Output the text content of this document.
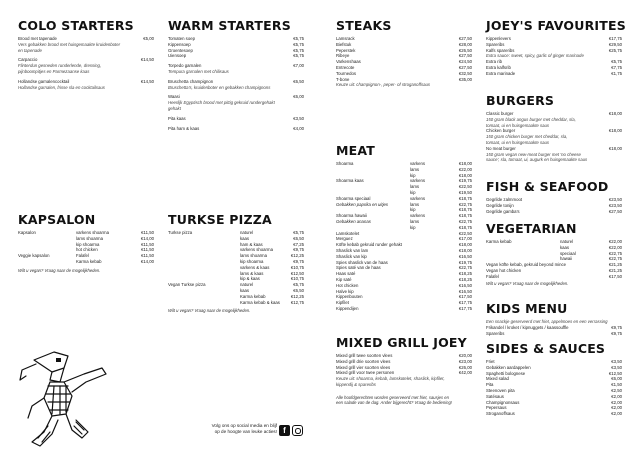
COLO STARTERS
Brood met tapenade	€5,00
Vers gebakken brood met huisgemaakte kruidenboter
en tapenade
Carpaccio	€14,50
Flinterdun gesneden runderlende, dressing,
pijnboompitjes en Parmezaanse kaas
Hollandse garnalencocktail	€14,50
Hollandse garnalen, frisse sla en cocktailsaus
KAPSALON
Kapsalon	varkens shoarma	€11,50
lams shoarma	€14,00
kip shoarma	€11,50
hot chicken	€11,50
Veggie kapsalon	Falafel	€11,50
Karma kebab	€14,00
Wilt u vegan? Vraag naar de mogelijkheden.
WARM STARTERS
Tomaten soep	€5,75
Kippensoep	€5,75
Groentesoep	€5,75
Uiensoep	€5,75
Torpedo garnalen	€7,00
Tempura garnalen met chilisaus
Bruschetta champignon	€6,50
Bruschetta's, kruidenboter en gebakken champignons
Waasi	€6,00
Heerlijk Egyptisch brood met pittig gekruid rundergehakt
gehakt
Pita kaas	€3,50
Pita ham & kaas	€4,00
TURKSE PIZZA
Turkse pizza	naturel	€5,75
kaas	€6,50
ham & kaas	€7,25
varkens shoarma	€9,75
lams shoarma	€12,25
kip shoarma	€9,75
varkens & kaas	€10,75
lams & kaas	€12,50
kip & kaas	€10,75
Vegan Turkse pizza	naturel	€5,75
kaas	€6,50
Karma kebab	€12,25
Karma kebab & kaas	€12,75
Wilt u vegan? Vraag naar de mogelijkheden.
Volg ons op social media en blijf
op de hoogte van leuke acties! f
STEAKS
Lamsrack	€27,50
Biefstuk	€28,00
Peperstek	€26,50
Ribeye	€27,50
Varkenshaas	€24,50
Entrecote	€27,50
Tournedos	€32,50
T-bone	€35,00
Keuze uit: champignon-, peper- of stroganoffsaus
MEAT
Shoarma	varkens	€18,00
lams	€22,00
kip	€18,00
Shoarma kaas	varkens	€19,75
lams	€22,50
kip	€19,50
Shoarma speciaal	varkens	€18,75
Gebakken paprika en uitjes	lams	€22,75
kip	€18,75
Shoarma hawaii	varkens	€18,75
Gebakken ananas	lams	€22,75
kip	€18,75
Lamskotelet	€22,50
Merguez	€17,00
Köfte kebab gekruid runder gehakt	€18,00
Shaslick van lam	€18,00
Shaslick van kip	€16,50
Spies shaslick van de haas	€19,75
Spies saté van de haas	€22,75
Haas saté	€18,25
Kip saté	€18,25
Hot chicken	€16,50
Halve kip	€16,50
Kippenbouten	€17,50
Kipfilet	€17,75
Kippendijen	€17,75
MIXED GRILL JOEY
Mixed grill twee soorten vlees	€20,00
Mixed grill drie soorten vlees	€23,00
Mixed grill vier soorten vlees	€26,00
Mixed grill voor twee personen	€42,00
Keuze uit: shoarma, kebab, lamskotelet, shaslick, kipfilet,
kippendij & spareribs
Alle hoofdgerechten worden geserveerd met friet, sausjes en
een salade van de dag. Ander bijgerecht? Vraag de bediening!
JOEY'S FAVOURITES
Kippenlevers	€17,75
Spareribs	€29,50
Kalfs spareribs	€25,75
Extra sauce: sweet, spicy, garlic of ginger marinade
Extra rib	€5,75
Extra kalfsrib	€7,75
Extra marinade	€1,75
BURGERS
Classic burger	€18,00
150 gram black angus burger met cheddar, sla,
tomaat, ui en huisgemaakte saus
Chicken burger	€18,00
150 gram chicken burger met cheddar, sla,
tomaat, ui en huisgemaakte saus
No meat burger	€18,00
150 gram vegan new-meat burger met 'no cheese
sauce', sla, tomaat, ui, augurk en huisgemaakte saus
FISH & SEAFOOD
Gegrilde zalmmoot	€23,50
Gegrilde tonijn	€23,50
Gegrilde gamba's	€27,50
VEGETARIAN
Karma kebab	naturel	€22,00
kaas	€22,00
speciaal	€22,75
hawaii	€22,75
Vegan köfte kebab, gekruid beyond mince	€21,25
Vegan hot chicken	€21,25
Falafel	€17,50
Wilt u vegan? Vraag naar de mogelijkheden.
KIDS MENU
Een snackje geserveerd met friet, appelmoes en een verrassing
Frikandel / kroket / kipnuggets / kaassouffle	€9,75
Spareribs	€9,75
SIDES & SAUCES
Friet	€3,50
Gebakken aardappelen	€3,50
Spaghetti bolognese	€12,50
Mixed salad	€6,00
Pita	€1,50
Steenoven pita	€2,50
Satésaus	€2,00
Champignonsaus	€2,00
Pepersaus	€2,00
Stroganoffsaus	€2,00
